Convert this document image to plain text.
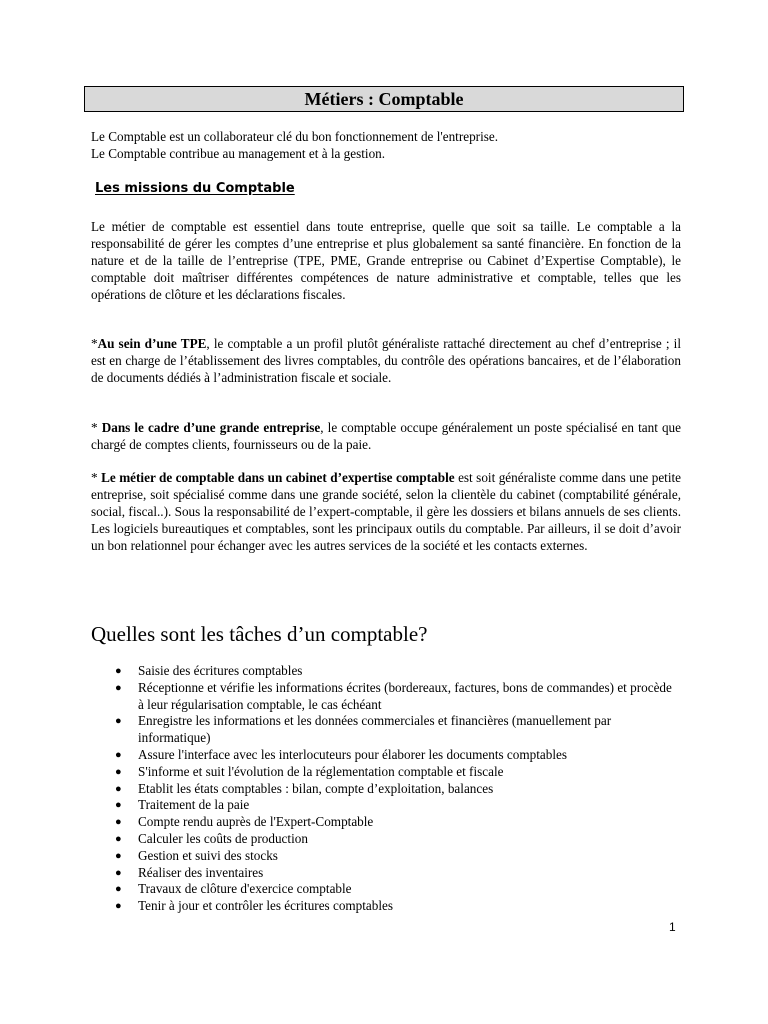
Métiers : Comptable
Le Comptable est un collaborateur clé du bon fonctionnement de l'entreprise.
Le Comptable contribue au management et à la gestion.
Les missions du Comptable
Le métier de comptable est essentiel dans toute entreprise, quelle que soit sa taille. Le comptable a la responsabilité de gérer les comptes d’une entreprise et plus globalement sa santé financière. En fonction de la nature et de la taille de l’entreprise (TPE, PME, Grande entreprise ou Cabinet d’Expertise Comptable), le comptable doit maîtriser différentes compétences de nature administrative et comptable, telles que les opérations de clôture et les déclarations fiscales.
*Au sein d’une TPE, le comptable a un profil plutôt généraliste rattaché directement au chef d’entreprise ; il est en charge de l’établissement des livres comptables, du contrôle des opérations bancaires, et de l’élaboration de documents dédiés à l’administration fiscale et sociale.
* Dans le cadre d’une grande entreprise, le comptable occupe généralement un poste spécialisé en tant que chargé de comptes clients, fournisseurs ou de la paie.
* Le métier de comptable dans un cabinet d’expertise comptable est soit généraliste comme dans une petite entreprise, soit spécialisé comme dans une grande société, selon la clientèle du cabinet (comptabilité générale, social, fiscal..). Sous la responsabilité de l’expert-comptable, il gère les dossiers et bilans annuels de ses clients. Les logiciels bureautiques et comptables, sont les principaux outils du comptable. Par ailleurs, il se doit d’avoir un bon relationnel pour échanger avec les autres services de la société et les contacts externes.
Quelles sont les tâches d’un comptable?
● Saisie des écritures comptables
● Réceptionne et vérifie les informations écrites (bordereaux, factures, bons de commandes) et procède à leur régularisation comptable, le cas échéant
● Enregistre les informations et les données commerciales et financières (manuellement par informatique)
● Assure l'interface avec les interlocuteurs pour élaborer les documents comptables
● S'informe et suit l'évolution de la réglementation comptable et fiscale
● Etablit les états comptables : bilan, compte d’exploitation, balances
● Traitement de la paie
● Compte rendu auprès de l'Expert-Comptable
● Calculer les coûts de production
● Gestion et suivi des stocks
● Réaliser des inventaires
● Travaux de clôture d'exercice comptable
● Tenir à jour et contrôler les écritures comptables
1
